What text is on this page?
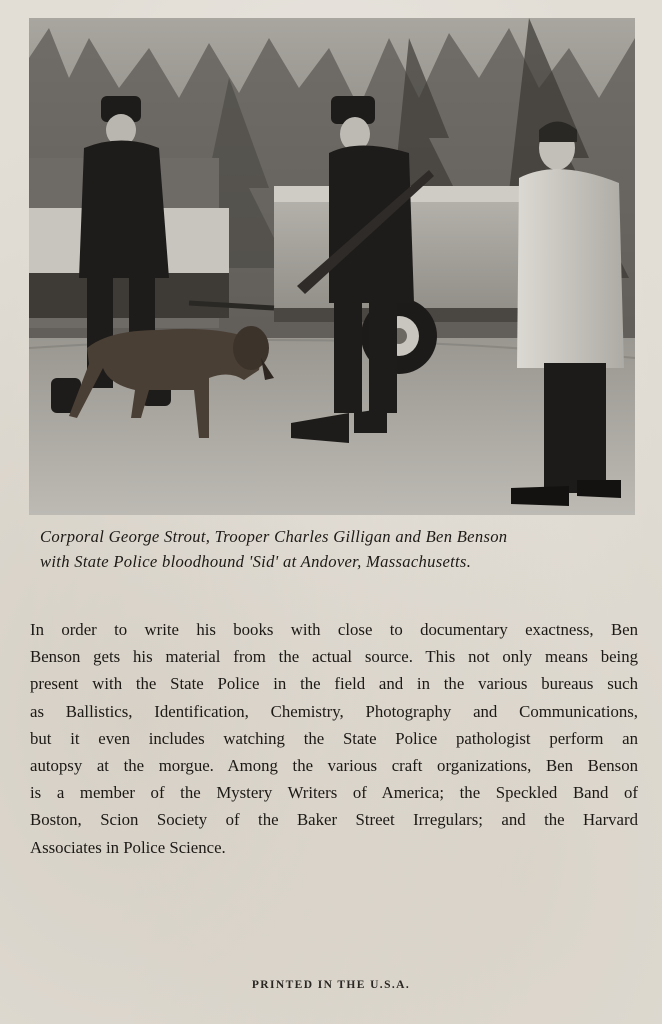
Corporal George Strout, Trooper Charles Gilligan and Ben Benson
with State Police bloodhound 'Sid' at Andover, Massachusetts.
In order to write his books with close to documentary exactness, Ben
Benson gets his material from the actual source. This not only means being
present with the State Police in the field and in the various bureaus such
as Ballistics, Identification, Chemistry, Photography and Communications,
but it even includes watching the State Police pathologist perform an
autopsy at the morgue. Among the various craft organizations, Ben Benson
is a member of the Mystery Writers of America; the Speckled Band of
Boston, Scion Society of the Baker Street Irregulars; and the Harvard
Associates in Police Science.
PRINTED IN THE U.S.A.
